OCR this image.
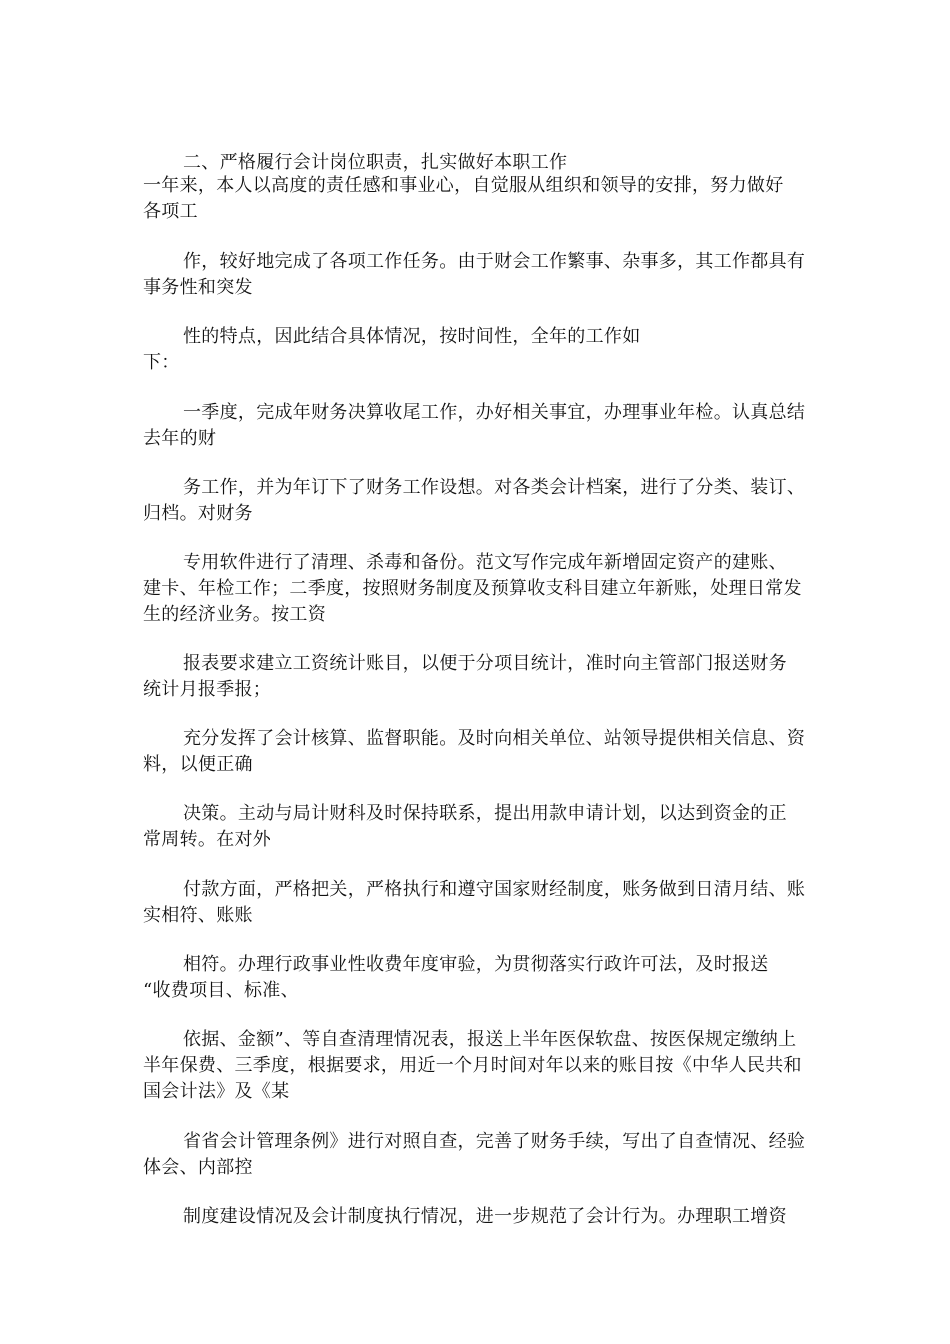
二、严格履行会计岗位职责，扎实做好本职工作
一年来，本人以高度的责任感和事业心，自觉服从组织和领导的安排，努力做好
各项工
作，较好地完成了各项工作任务。由于财会工作繁事、杂事多，其工作都具有
事务性和突发
性的特点，因此结合具体情况，按时间性，全年的工作如
下：
一季度，完成年财务决算收尾工作，办好相关事宜，办理事业年检。认真总结
去年的财
务工作，并为年订下了财务工作设想。对各类会计档案，进行了分类、装订、
归档。对财务
专用软件进行了清理、杀毒和备份。范文写作完成年新增固定资产的建账、
建卡、年检工作；二季度，按照财务制度及预算收支科目建立年新账，处理日常发
生的经济业务。按工资
报表要求建立工资统计账目，以便于分项目统计，准时向主管部门报送财务
统计月报季报；
充分发挥了会计核算、监督职能。及时向相关单位、站领导提供相关信息、资
料，以便正确
决策。主动与局计财科及时保持联系，提出用款申请计划，以达到资金的正
常周转。在对外
付款方面，严格把关，严格执行和遵守国家财经制度，账务做到日清月结、账
实相符、账账
相符。办理行政事业性收费年度审验，为贯彻落实行政许可法，及时报送
“收费项目、标准、
依据、金额”、等自查清理情况表，报送上半年医保软盘、按医保规定缴纳上
半年保费、三季度，根据要求，用近一个月时间对年以来的账目按《中华人民共和
国会计法》及《某
省省会计管理条例》进行对照自查，完善了财务手续，写出了自查情况、经验
体会、内部控
制度建设情况及会计制度执行情况，进一步规范了会计行为。办理职工增资
